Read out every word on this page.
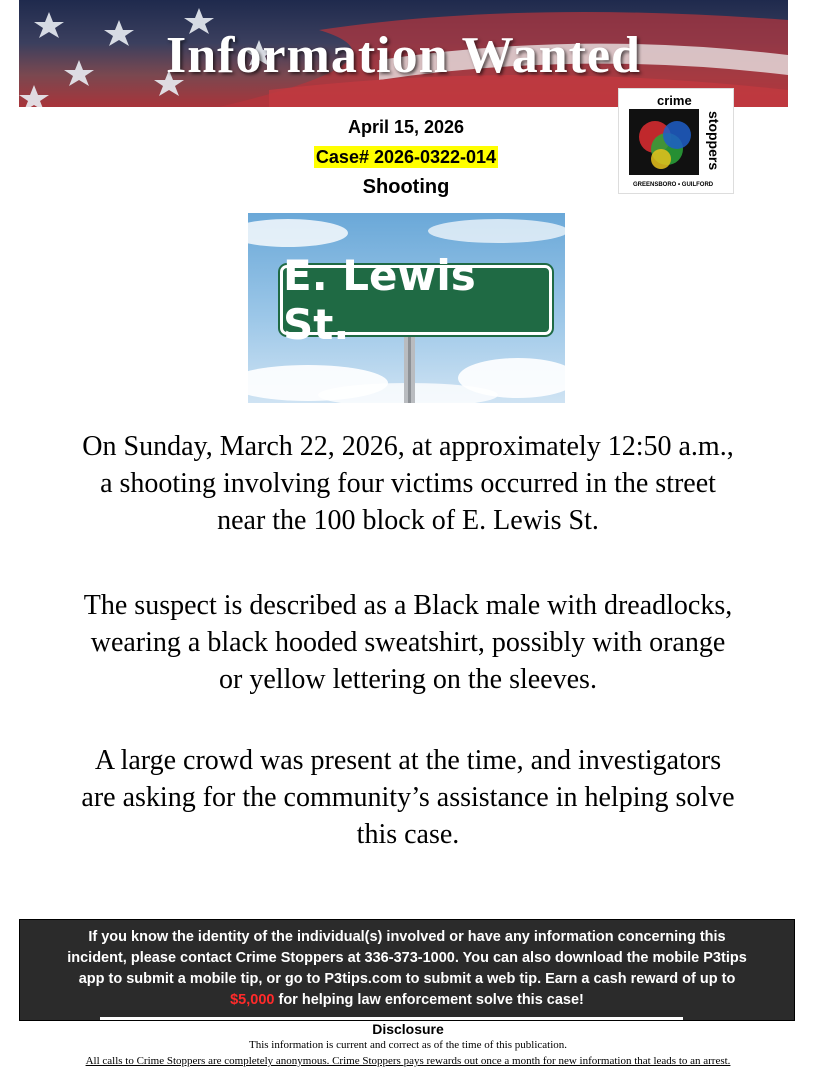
Information Wanted
crime
stoppers
GREENSBORO • GUILFORD
April 15, 2026
Case# 2026-0322-014
Shooting
E. Lewis St.
On Sunday, March 22, 2026, at approximately 12:50 a.m.,
a shooting involving four victims occurred in the street
near the 100 block of E. Lewis St.
The suspect is described as a Black male with dreadlocks,
wearing a black hooded sweatshirt, possibly with orange
or yellow lettering on the sleeves.
A large crowd was present at the time, and investigators
are asking for the community’s assistance in helping solve
this case.
If you know the identity of the individual(s) involved or have any information concerning this
incident, please contact Crime Stoppers at 336-373-1000. You can also download the mobile P3tips
app to submit a mobile tip, or go to P3tips.com to submit a web tip. Earn a cash reward of up to
$5,000 for helping law enforcement solve this case!
Disclosure
This information is current and correct as of the time of this publication.
All calls to Crime Stoppers are completely anonymous. Crime Stoppers pays rewards out once a month for new information that leads to an arrest.
